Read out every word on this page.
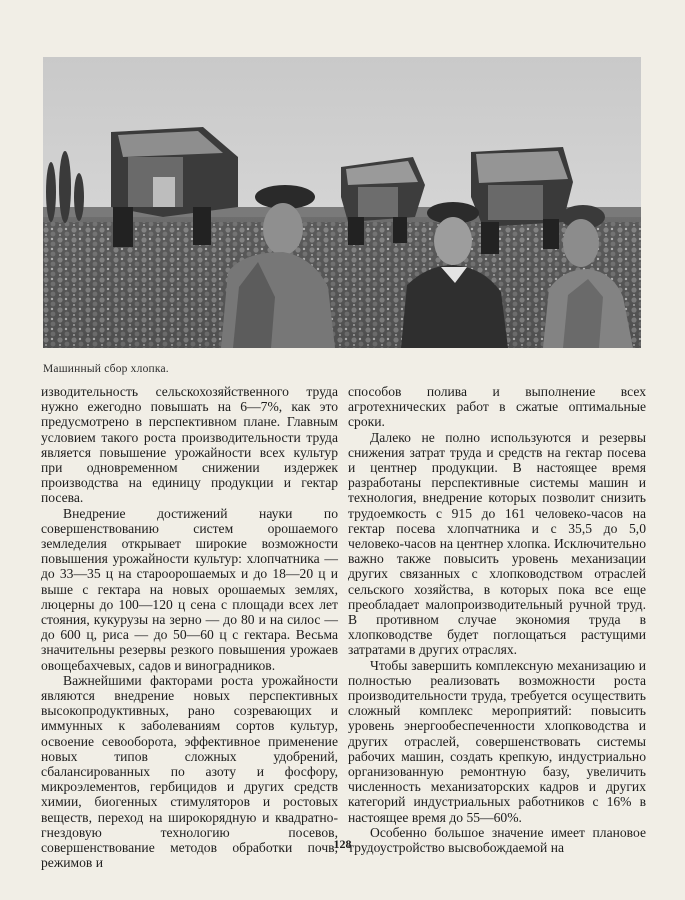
Машинный сбор хлопка.

изводительность сельскохозяйственного труда нужно ежегодно повышать на 6—7%, как это предусмотрено в перспективном плане. Главным условием такого роста производительности труда является повышение урожайности всех культур при одновременном снижении издержек производства на единицу продукции и гектар посева.

Внедрение достижений науки по совершенствованию систем орошаемого земледелия открывает широкие возможности повышения урожайности культур: хлопчатника — до 33—35 ц на староорошаемых и до 18—20 ц и выше с гектара на новых орошаемых землях, люцерны до 100—120 ц сена с площади всех лет стояния, кукурузы на зерно — до 80 и на силос — до 600 ц, риса — до 50—60 ц с гектара. Весьма значительны резервы резкого повышения урожаев овощебахчевых, садов и виноградников.

Важнейшими факторами роста урожайности являются внедрение новых перспективных высокопродуктивных, рано созревающих и иммунных к заболеваниям сортов культур, освоение севооборота, эффективное применение новых типов сложных удобрений, сбалансированных по азоту и фосфору, микроэлементов, гербицидов и других средств химии, биогенных стимуляторов и ростовых веществ, переход на широкорядную и квадратно-гнездовую технологию посевов, совершенствование методов обработки почв, режимов и

способов полива и выполнение всех агротехнических работ в сжатые оптимальные сроки.

Далеко не полно используются и резервы снижения затрат труда и средств на гектар посева и центнер продукции. В настоящее время разработаны перспективные системы машин и технология, внедрение которых позволит снизить трудоемкость с 915 до 161 человеко-часов на гектар посева хлопчатника и с 35,5 до 5,0 человеко-часов на центнер хлопка. Исключительно важно также повысить уровень механизации других связанных с хлопководством отраслей сельского хозяйства, в которых пока все еще преобладает малопроизводительный ручной труд. В противном случае экономия труда в хлопководстве будет поглощаться растущими затратами в других отраслях.

Чтобы завершить комплексную механизацию и полностью реализовать возможности роста производительности труда, требуется осуществить сложный комплекс мероприятий: повысить уровень энергообеспеченности хлопководства и других отраслей, совершенствовать системы рабочих машин, создать крепкую, индустриально организованную ремонтную базу, увеличить численность механизаторских кадров и других категорий индустриальных работников с 16% в настоящее время до 55—60%.

Особенно большое значение имеет плановое трудоустройство высвобождаемой на

128
